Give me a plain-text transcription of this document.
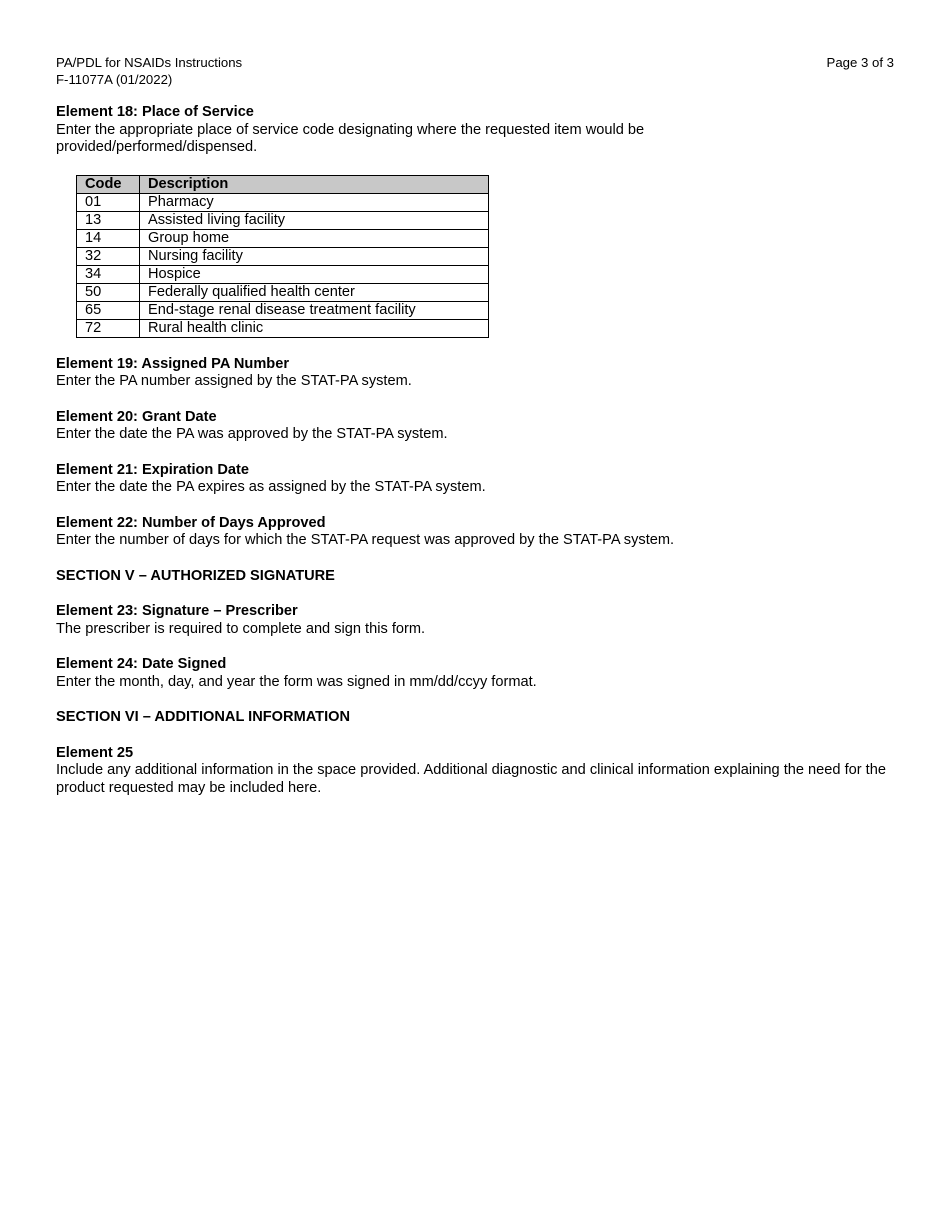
PA/PDL for NSAIDs Instructions
F-11077A (01/2022)
Page 3 of 3

Element 18: Place of Service

Enter the appropriate place of service code designating where the requested item would be provided/performed/dispensed.

Code	Description
01	Pharmacy
13	Assisted living facility
14	Group home
32	Nursing facility
34	Hospice
50	Federally qualified health center
65	End-stage renal disease treatment facility
72	Rural health clinic

Element 19: Assigned PA Number

Enter the PA number assigned by the STAT-PA system.

Element 20: Grant Date

Enter the date the PA was approved by the STAT-PA system.

Element 21: Expiration Date

Enter the date the PA expires as assigned by the STAT-PA system.

Element 22: Number of Days Approved

Enter the number of days for which the STAT-PA request was approved by the STAT-PA system.

SECTION V – AUTHORIZED SIGNATURE

Element 23: Signature – Prescriber

The prescriber is required to complete and sign this form.

Element 24: Date Signed

Enter the month, day, and year the form was signed in mm/dd/ccyy format.

SECTION VI – ADDITIONAL INFORMATION

Element 25

Include any additional information in the space provided. Additional diagnostic and clinical information explaining the need for the product requested may be included here.
